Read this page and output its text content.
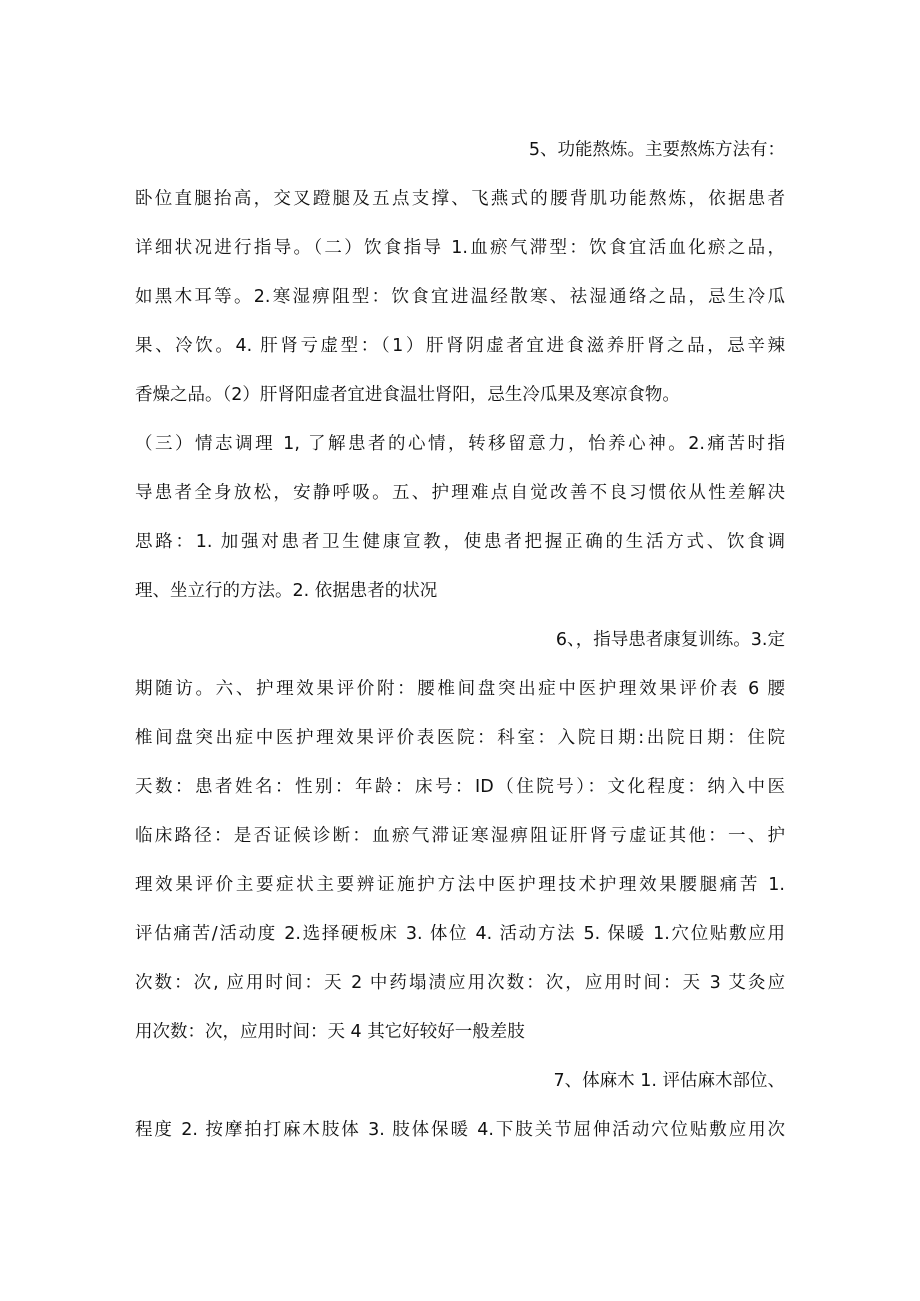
5、功能熬炼。主要熬炼方法有：
卧位直腿抬高，交叉蹬腿及五点支撑、飞燕式的腰背肌功能熬炼，依据患者
详细状况进行指导。（二）饮食指导 1.血瘀气滞型：饮食宜活血化瘀之品，
如黑木耳等。2.寒湿痹阻型：饮食宜进温经散寒、祛湿通络之品，忌生冷瓜
果、冷饮。4. 肝肾亏虚型：（1）肝肾阴虚者宜进食滋养肝肾之品，忌辛辣
香燥之品。（2）肝肾阳虚者宜进食温壮肾阳，忌生冷瓜果及寒凉食物。
（三）情志调理 1, 了解患者的心情，转移留意力，怡养心神。2.痛苦时指
导患者全身放松，安静呼吸。五、护理难点自觉改善不良习惯依从性差解决
思路：1. 加强对患者卫生健康宣教，使患者把握正确的生活方式、饮食调
理、坐立行的方法。2. 依据患者的状况
6、，指导患者康复训练。3.定
期随访。六、护理效果评价附：腰椎间盘突出症中医护理效果评价表 6 腰
椎间盘突出症中医护理效果评价表医院：科室：入院日期:出院日期：住院
天数：患者姓名：性别：年龄：床号：ID（住院号）：文化程度：纳入中医
临床路径：是否证候诊断：血瘀气滞证寒湿痹阻证肝肾亏虚证其他：一、护
理效果评价主要症状主要辨证施护方法中医护理技术护理效果腰腿痛苦 1.
评估痛苦/活动度 2.选择硬板床 3. 体位 4. 活动方法 5. 保暖 1.穴位贴敷应用
次数：次, 应用时间：天 2 中药塌渍应用次数：次，应用时间：天 3 艾灸应
用次数：次，应用时间：天 4 其它好较好一般差肢
7、体麻木 1. 评估麻木部位、
程度 2. 按摩拍打麻木肢体 3. 肢体保暖 4.下肢关节屈伸活动穴位贴敷应用次
